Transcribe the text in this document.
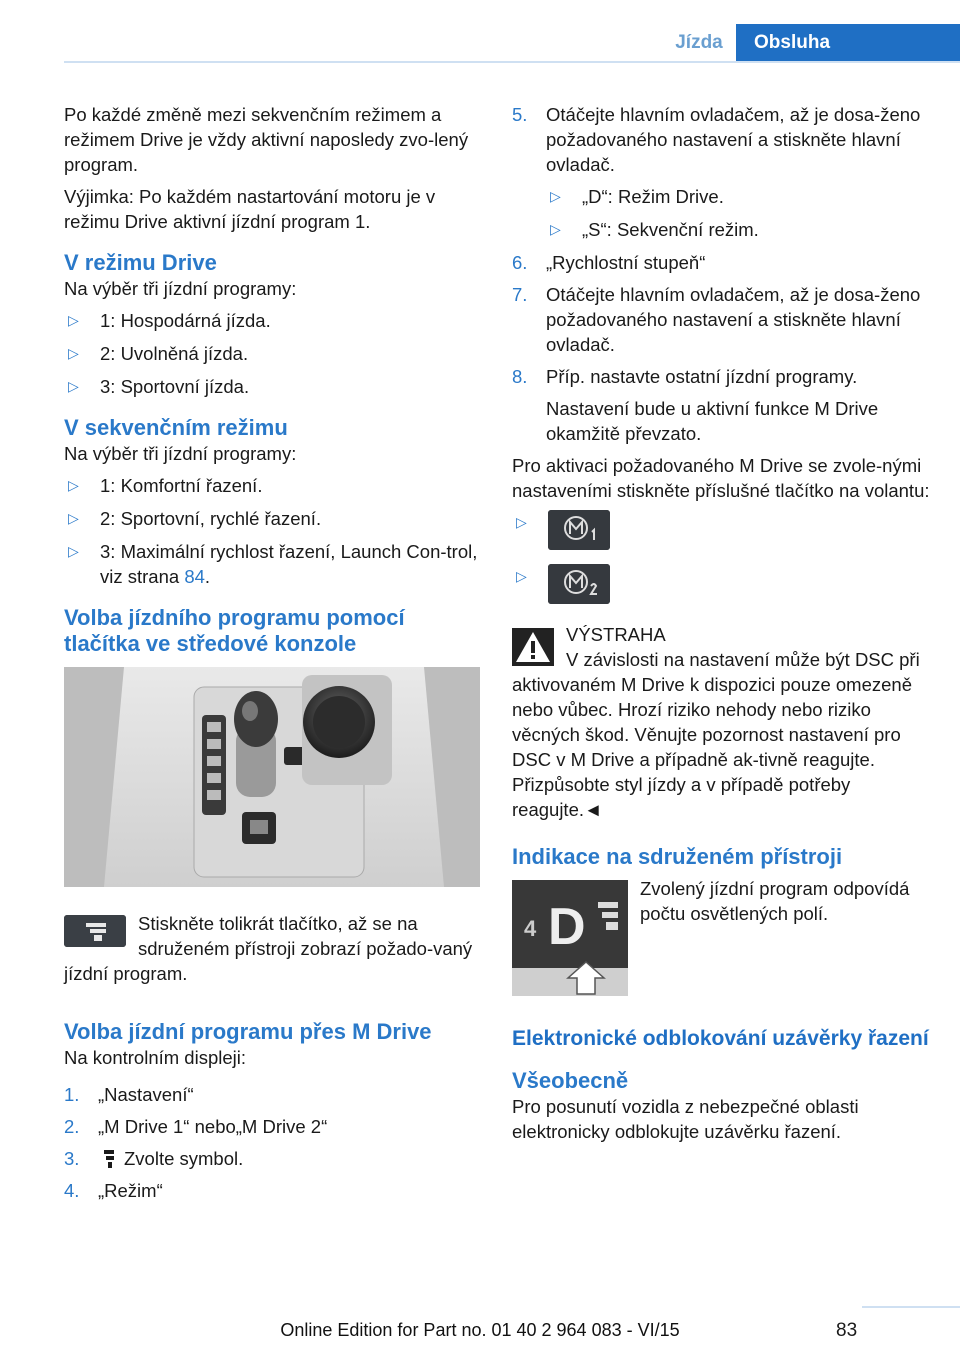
Jízda	Obsluha

Po každé změně mezi sekvenčním režimem a režimem Drive je vždy aktivní naposledy zvo-lený program.

Výjimka: Po každém nastartování motoru je v režimu Drive aktivní jízdní program 1.

V režimu Drive

Na výběr tři jízdní programy:

▷ 1: Hospodárná jízda.
▷ 2: Uvolněná jízda.
▷ 3: Sportovní jízda.
V sekvenčním režimu

Na výběr tři jízdní programy:

▷ 1: Komfortní řazení.
▷ 2: Sportovní, rychlé řazení.
▷ 3: Maximální rychlost řazení, Launch Con-trol, viz strana 84.
Volba jízdního programu pomocí tlačítka ve středové konzole

Stiskněte tolikrát tlačítko, až se na sdruženém přístroji zobrazí požado-vaný jízdní program.

Volba jízdní programu přes M Drive

Na kontrolním displeji:

1. „Nastavení“
2. „M Drive 1“ nebo„M Drive 2“
3. Zvolte symbol.
4. „Režim“
5. Otáčejte hlavním ovladačem, až je dosa-ženo požadovaného nastavení a stiskněte hlavní ovladač.
▷ „D“: Režim Drive.
▷ „S“: Sekvenční režim.
6. „Rychlostní stupeň“
7. Otáčejte hlavním ovladačem, až je dosa-ženo požadovaného nastavení a stiskněte hlavní ovladač.
8. Příp. nastavte ostatní jízdní programy.

Nastavení bude u aktivní funkce M Drive okamžitě převzato.

Pro aktivaci požadovaného M Drive se zvole-nými nastaveními stiskněte příslušné tlačítko na volantu:

▷
▷

VÝSTRAHA

V závislosti na nastavení může být DSC při aktivovaném M Drive k dispozici pouze omezeně nebo vůbec. Hrozí riziko nehody nebo riziko věcných škod. Věnujte pozornost nastavení pro DSC v M Drive a případně ak-tivně reagujte. Přizpůsobte styl jízdy a v případě potřeby reagujte.◄

Indikace na sdruženém přístroji
4 D

Zvolený jízdní program odpovídá počtu osvětlených polí.

Elektronické odblokování uzávěrky řazení
Všeobecně

Pro posunutí vozidla z nebezpečné oblasti elektronicky odblokujte uzávěrku řazení.

83
Online Edition for Part no. 01 40 2 964 083 - VI/15
